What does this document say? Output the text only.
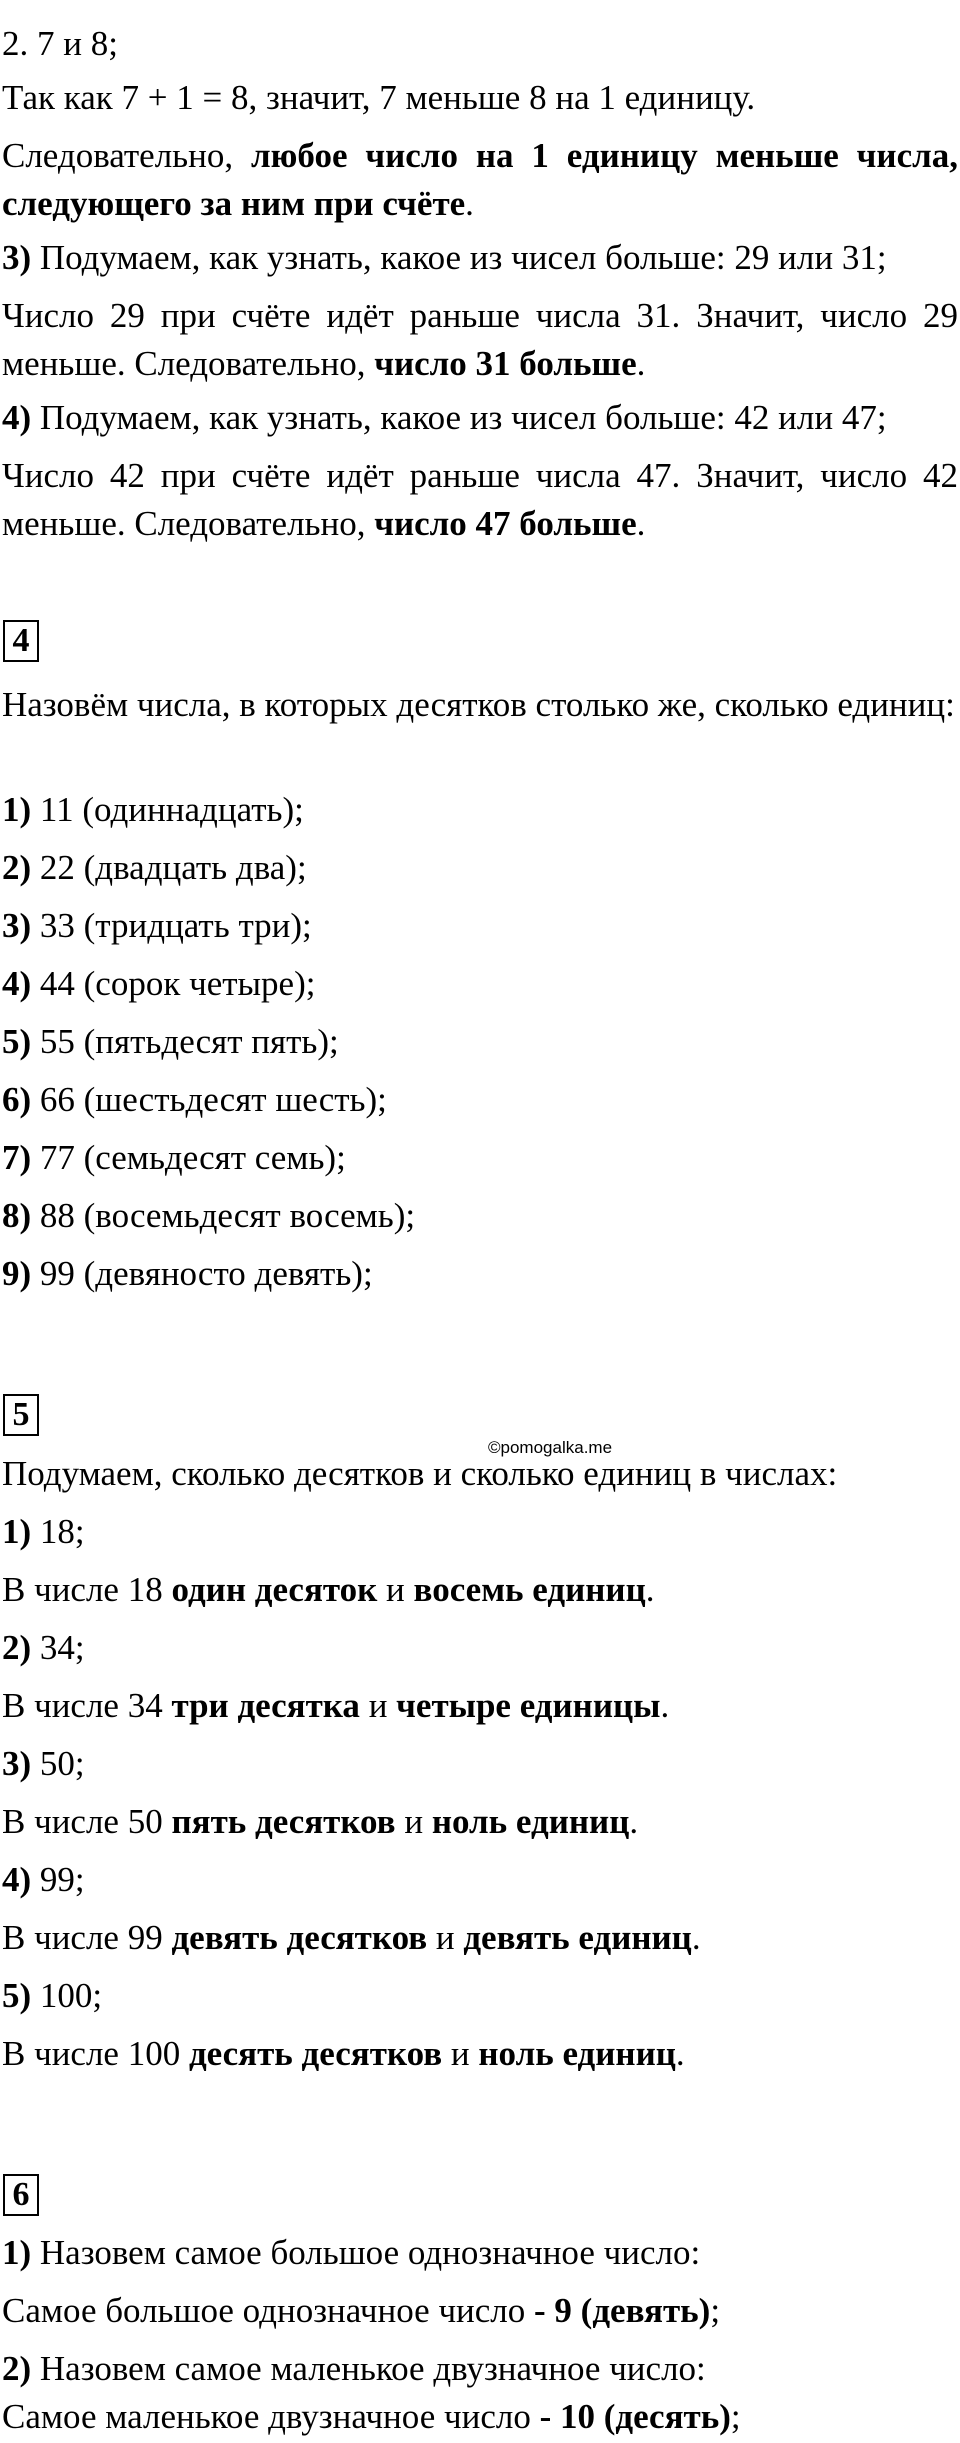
2. 7 и 8;
Так как 7 + 1 = 8, значит, 7 меньше 8 на 1 единицу.
Следовательно, любое число на 1 единицу меньше числа, следующего за ним при счёте.
3) Подумаем, как узнать, какое из чисел больше: 29 или 31;
Число 29 при счёте идёт раньше числа 31. Значит, число 29 меньше. Следовательно, число 31 больше.
4) Подумаем, как узнать, какое из чисел больше: 42 или 47;
Число 42 при счёте идёт раньше числа 47. Значит, число 42 меньше. Следовательно, число 47 больше.
4
Назовём числа, в которых десятков столько же, сколько единиц:
1) 11 (одиннадцать);
2) 22 (двадцать два);
3) 33 (тридцать три);
4) 44 (сорок четыре);
5) 55 (пятьдесят пять);
6) 66 (шестьдесят шесть);
7) 77 (семьдесят семь);
8) 88 (восемьдесят восемь);
9) 99 (девяносто девять);
5
©pomogalka.me
Подумаем, сколько десятков и сколько единиц в числах:
1) 18;
В числе 18 один десяток и восемь единиц.
2) 34;
В числе 34 три десятка и четыре единицы.
3) 50;
В числе 50 пять десятков и ноль единиц.
4) 99;
В числе 99 девять десятков и девять единиц.
5) 100;
В числе 100 десять десятков и ноль единиц.
6
1) Назовем самое большое однозначное число:
Самое большое однозначное число - 9 (девять);
2) Назовем самое маленькое двузначное число:
Самое маленькое двузначное число - 10 (десять);
